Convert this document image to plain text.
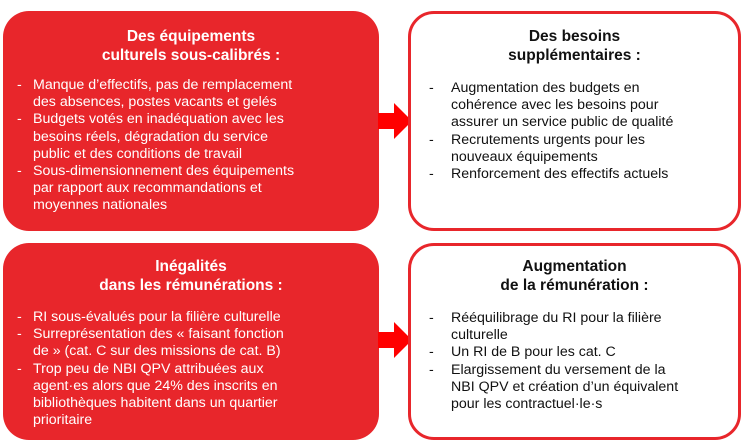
Des équipements
culturels sous-calibrés :
- Manque d’effectifs, pas de remplacement
des absences, postes vacants et gelés
- Budgets votés en inadéquation avec les
besoins réels, dégradation du service
public et des conditions de travail
- Sous-dimensionnement des équipements
par rapport aux recommandations et
moyennes nationales
Des besoins
supplémentaires :
- Augmentation des budgets en
cohérence avec les besoins pour
assurer un service public de qualité
- Recrutements urgents pour les
nouveaux équipements
- Renforcement des effectifs actuels
Inégalités
dans les rémunérations :
- RI sous-évalués pour la filière culturelle
- Surreprésentation des « faisant fonction
de » (cat. C sur des missions de cat. B)
- Trop peu de NBI QPV attribuées aux
agent·es alors que 24% des inscrits en
bibliothèques habitent dans un quartier
prioritaire
Augmentation
de la rémunération :
- Rééquilibrage du RI pour la filière
culturelle
- Un RI de B pour les cat. C
- Elargissement du versement de la
NBI QPV et création d’un équivalent
pour les contractuel·le·s
